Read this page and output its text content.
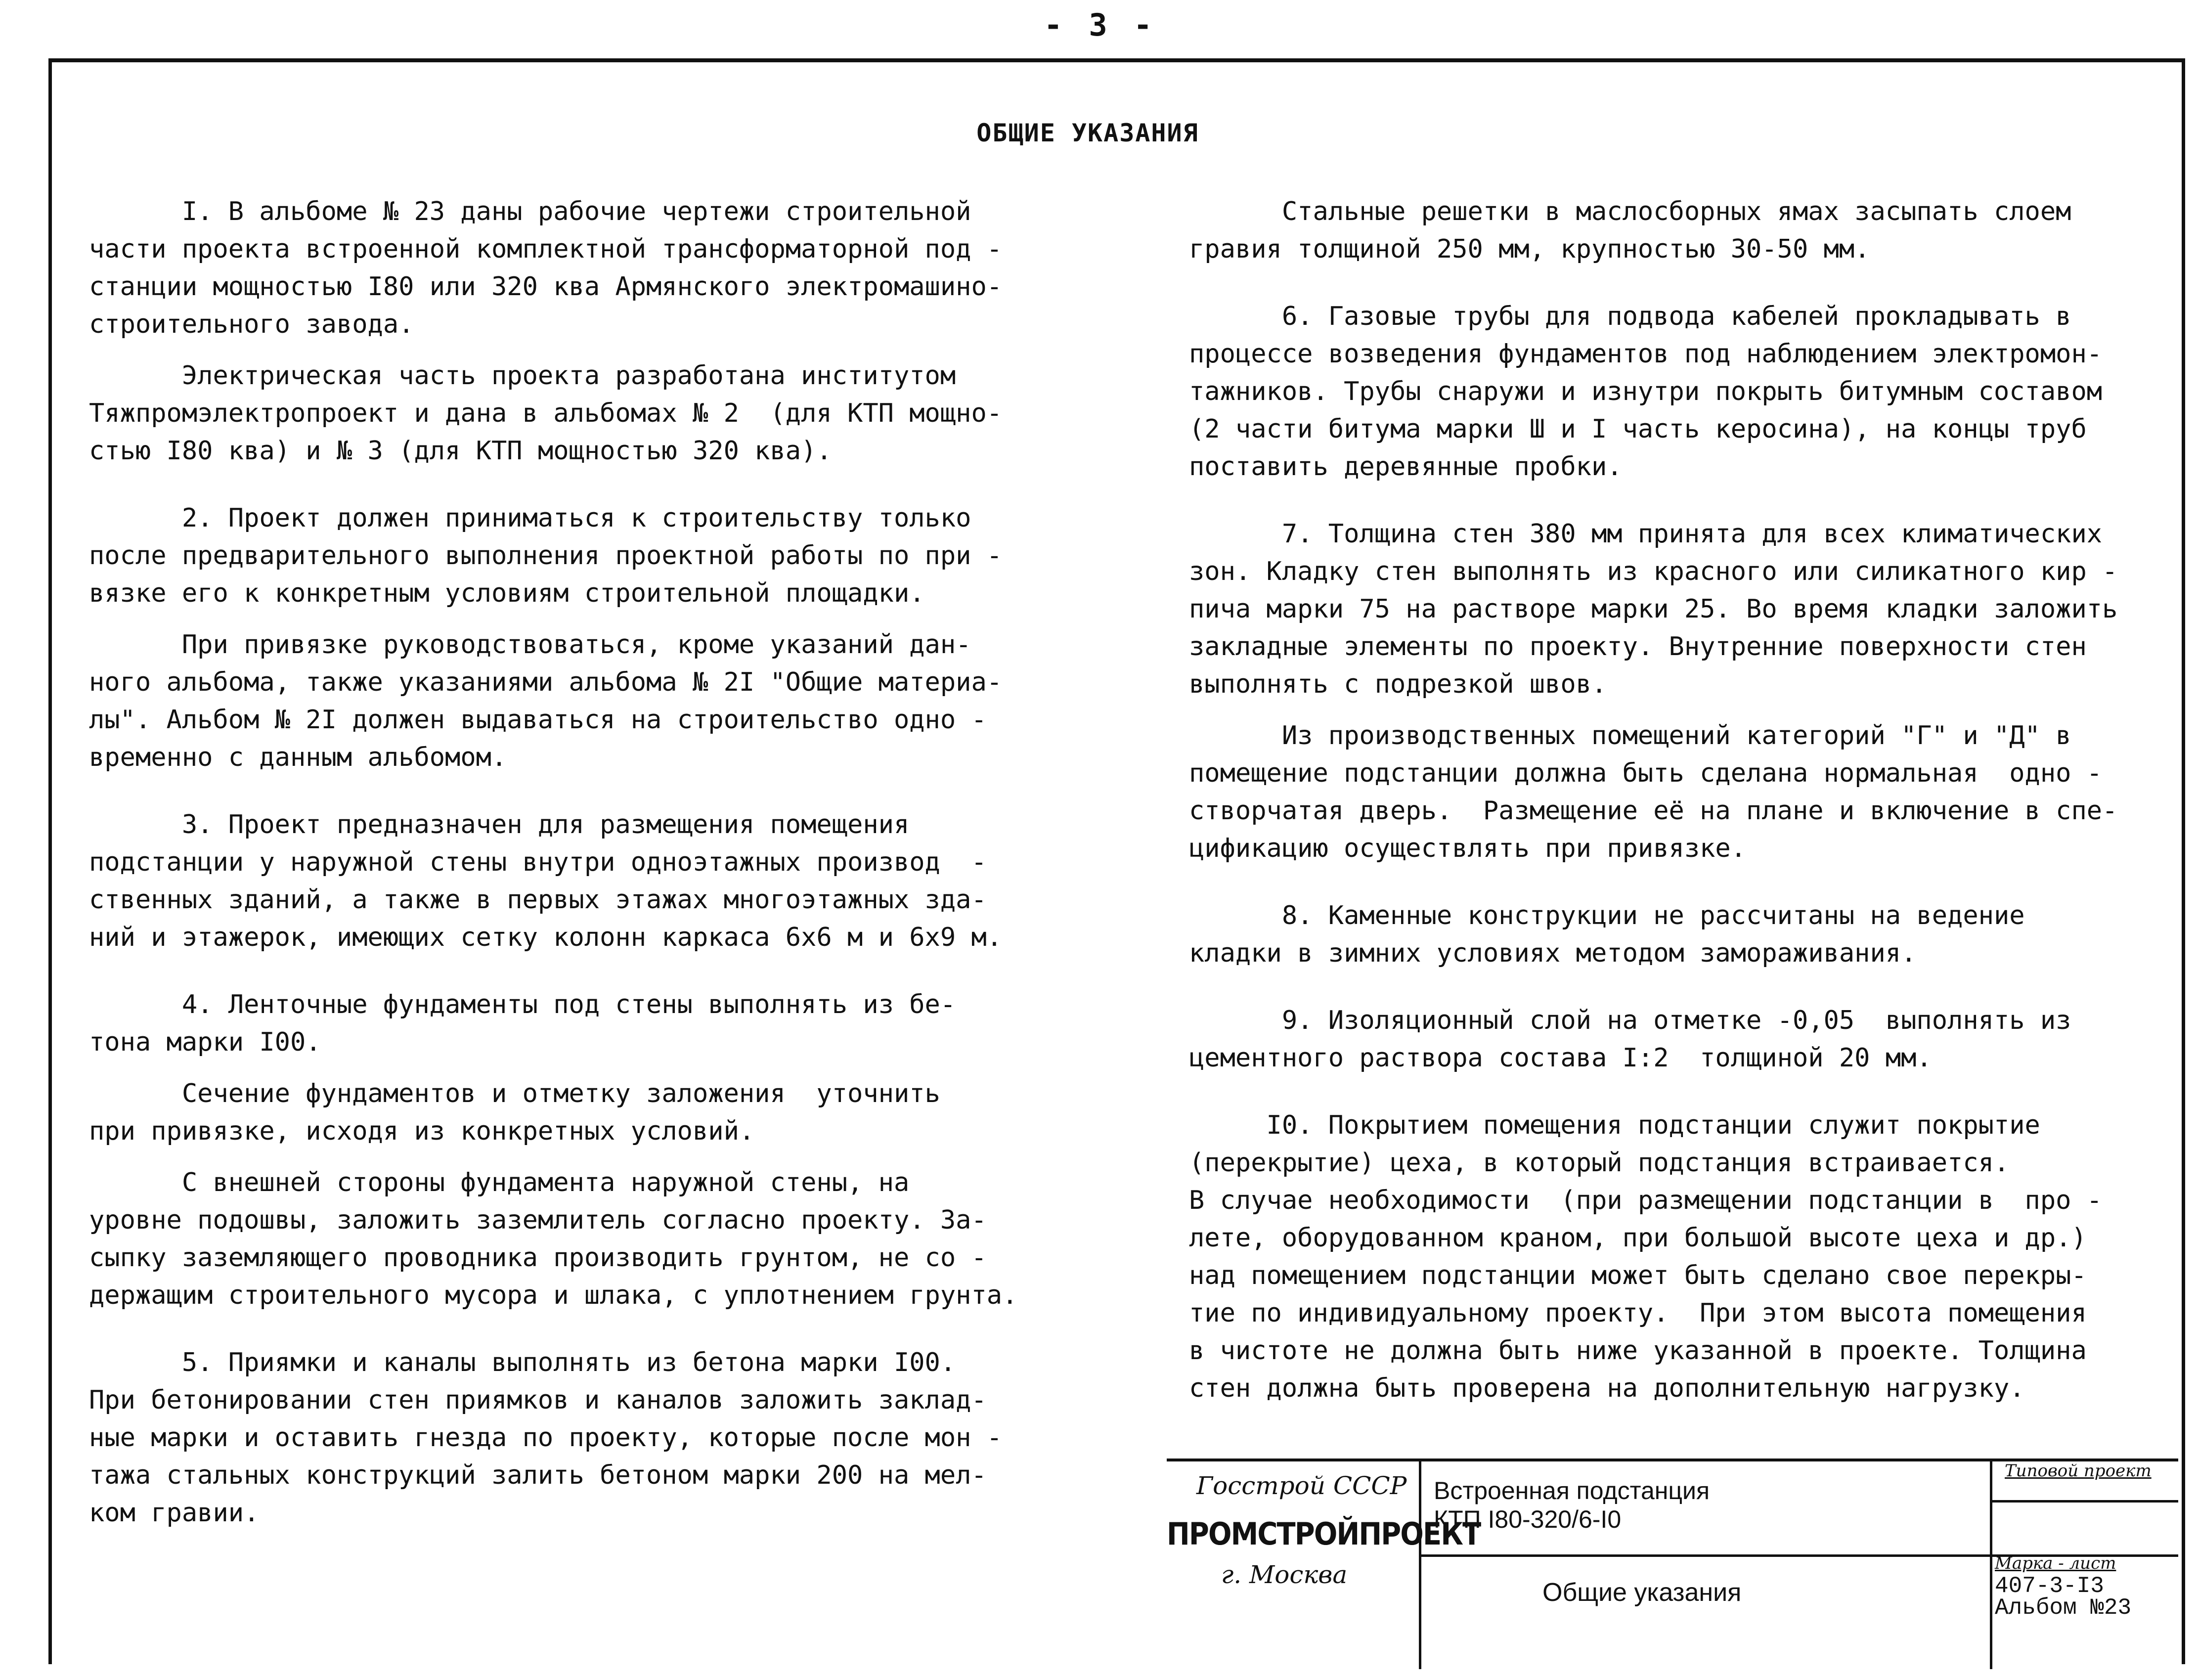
- 3 -
ОБЩИЕ УКАЗАНИЯ
I. В альбоме № 23 даны рабочие чертежи строительной
части проекта встроенной комплектной трансформаторной под -
станции мощностью I80 или 320 ква Армянского электромашино-
строительного завода.
Электрическая часть проекта разработана институтом
Тяжпромэлектропроект и дана в альбомах № 2  (для КТП мощно-
стью I80 ква) и № 3 (для КТП мощностью 320 ква).
2. Проект должен приниматься к строительству только
после предварительного выполнения проектной работы по при -
вязке его к конкретным условиям строительной площадки.
При привязке руководствоваться, кроме указаний дан-
ного альбома, также указаниями альбома № 2I "Общие материа-
лы". Альбом № 2I должен выдаваться на строительство одно -
временно с данным альбомом.
3. Проект предназначен для размещения помещения
подстанции у наружной стены внутри одноэтажных производ  -
ственных зданий, а также в первых этажах многоэтажных зда-
ний и этажерок, имеющих сетку колонн каркаса 6х6 м и 6х9 м.
4. Ленточные фундаменты под стены выполнять из бе-
тона марки I00.
Сечение фундаментов и отметку заложения  уточнить
при привязке, исходя из конкретных условий.
С внешней стороны фундамента наружной стены, на
уровне подошвы, заложить заземлитель согласно проекту. За-
сыпку заземляющего проводника производить грунтом, не со -
держащим строительного мусора и шлака, с уплотнением грунта.
5. Приямки и каналы выполнять из бетона марки I00.
При бетонировании стен приямков и каналов заложить заклад-
ные марки и оставить гнезда по проекту, которые после мон -
тажа стальных конструкций залить бетоном марки 200 на мел-
ком гравии.
Стальные решетки в маслосборных ямах засыпать слоем
гравия толщиной 250 мм, крупностью 30-50 мм.
6. Газовые трубы для подвода кабелей прокладывать в
процессе возведения фундаментов под наблюдением электромон-
тажников. Трубы снаружи и изнутри покрыть битумным составом
(2 части битума марки Ш и I часть керосина), на концы труб
поставить деревянные пробки.
7. Толщина стен 380 мм принята для всех климатических
зон. Кладку стен выполнять из красного или силикатного кир -
пича марки 75 на растворе марки 25. Во время кладки заложить
закладные элементы по проекту. Внутренние поверхности стен
выполнять с подрезкой швов.
Из производственных помещений категорий "Г" и "Д" в
помещение подстанции должна быть сделана нормальная  одно -
створчатая дверь.  Размещение её на плане и включение в спе-
цификацию осуществлять при привязке.
8. Каменные конструкции не рассчитаны на ведение
кладки в зимних условиях методом замораживания.
9. Изоляционный слой на отметке -0,05  выполнять из
цементного раствора состава I:2  толщиной 20 мм.
I0. Покрытием помещения подстанции служит покрытие
(перекрытие) цеха, в который подстанция встраивается.
В случае необходимости  (при размещении подстанции в  про -
лете, оборудованном краном, при большой высоте цеха и др.)
над помещением подстанции может быть сделано свое перекры-
тие по индивидуальному проекту.  При этом высота помещения
в чистоте не должна быть ниже указанной в проекте. Толщина
стен должна быть проверена на дополнительную нагрузку.
Госстрой СССР
ПРОМСТРОЙПРОЕКТ
г. Москва
Встроенная подстанция
КТП I80-320/6-I0
Общие указания
Типовой проект
Марка - лист
407-3-I3
Альбом №23
